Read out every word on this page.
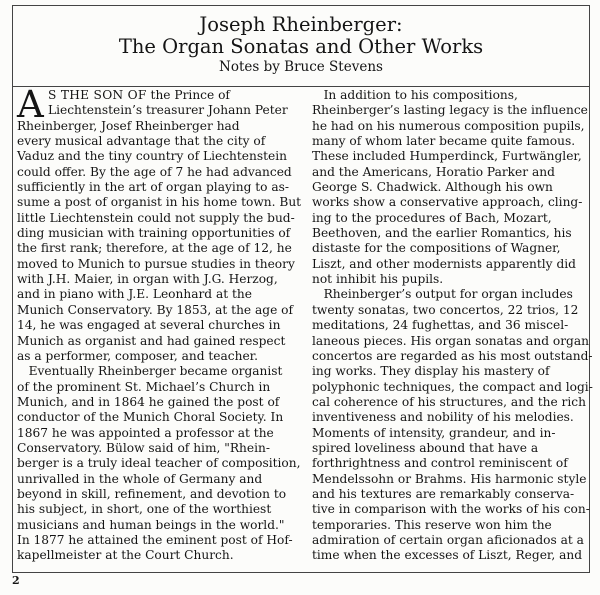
Joseph Rheinberger:
The Organ Sonatas and Other Works
Notes by Bruce Stevens
A S THE SON OF the Prince of
Liechtenstein’s treasurer Johann Peter
Rheinberger, Josef Rheinberger had
every musical advantage that the city of
Vaduz and the tiny country of Liechtenstein
could offer. By the age of 7 he had advanced
sufficiently in the art of organ playing to as-
sume a post of organist in his home town. But
little Liechtenstein could not supply the bud-
ding musician with training opportunities of
the first rank; therefore, at the age of 12, he
moved to Munich to pursue studies in theory
with J.H. Maier, in organ with J.G. Herzog,
and in piano with J.E. Leonhard at the
Munich Conservatory. By 1853, at the age of
14, he was engaged at several churches in
Munich as organist and had gained respect
as a performer, composer, and teacher.
Eventually Rheinberger became organist
of the prominent St. Michael’s Church in
Munich, and in 1864 he gained the post of
conductor of the Munich Choral Society. In
1867 he was appointed a professor at the
Conservatory. Bülow said of him, "Rhein-
berger is a truly ideal teacher of composition,
unrivalled in the whole of Germany and
beyond in skill, refinement, and devotion to
his subject, in short, one of the worthiest
musicians and human beings in the world."
In 1877 he attained the eminent post of Hof-
kapellmeister at the Court Church.
In addition to his compositions,
Rheinberger’s lasting legacy is the influence
he had on his numerous composition pupils,
many of whom later became quite famous.
These included Humperdinck, Furtwängler,
and the Americans, Horatio Parker and
George S. Chadwick. Although his own
works show a conservative approach, cling-
ing to the procedures of Bach, Mozart,
Beethoven, and the earlier Romantics, his
distaste for the compositions of Wagner,
Liszt, and other modernists apparently did
not inhibit his pupils.
Rheinberger’s output for organ includes
twenty sonatas, two concertos, 22 trios, 12
meditations, 24 fughettas, and 36 miscel-
laneous pieces. His organ sonatas and organ
concertos are regarded as his most outstand-
ing works. They display his mastery of
polyphonic techniques, the compact and logi-
cal coherence of his structures, and the rich
inventiveness and nobility of his melodies.
Moments of intensity, grandeur, and in-
spired loveliness abound that have a
forthrightness and control reminiscent of
Mendelssohn or Brahms. His harmonic style
and his textures are remarkably conserva-
tive in comparison with the works of his con-
temporaries. This reserve won him the
admiration of certain organ aficionados at a
time when the excesses of Liszt, Reger, and
2
